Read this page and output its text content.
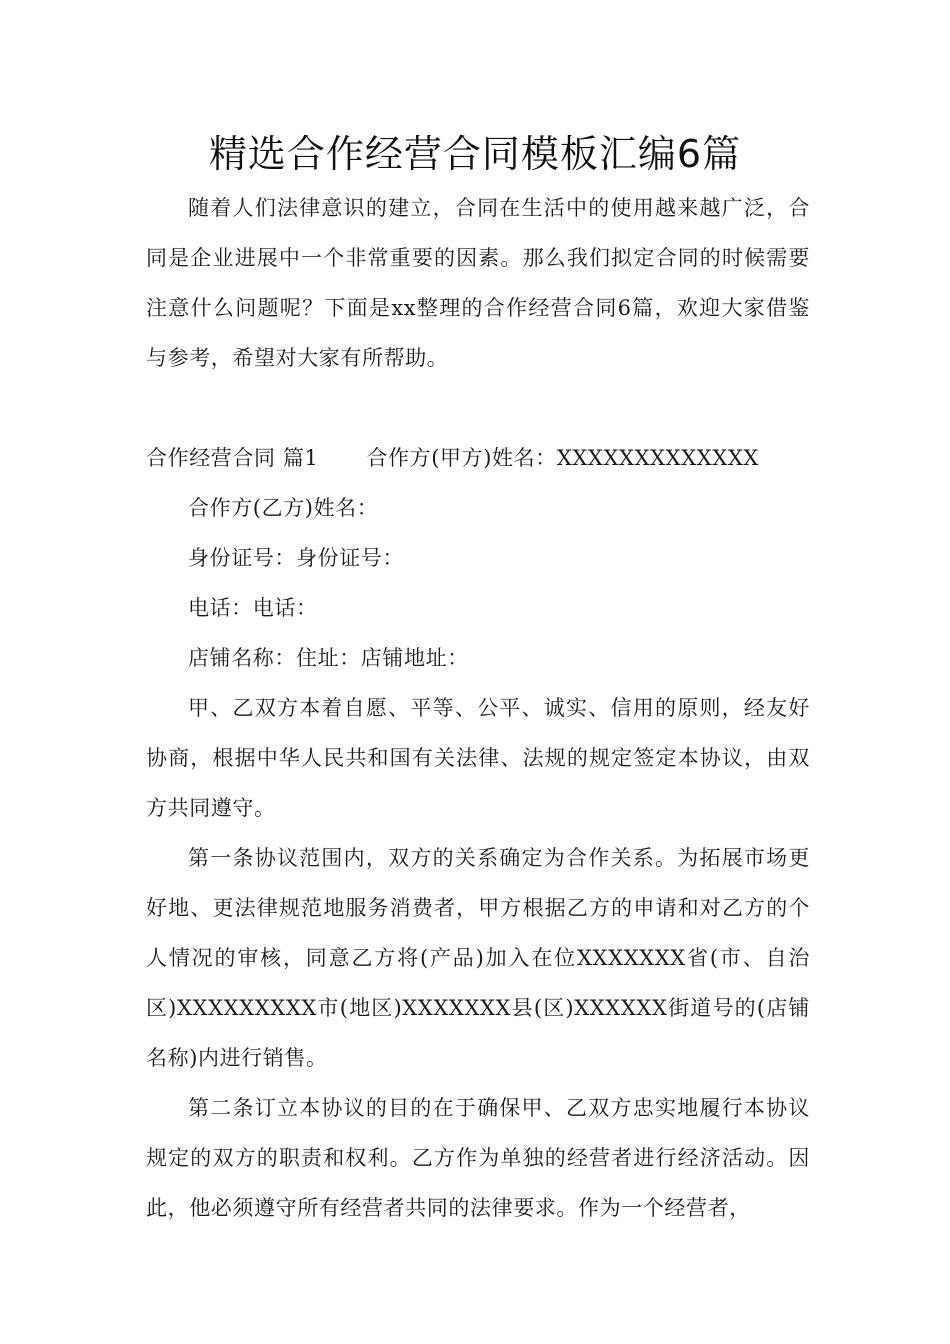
精选合作经营合同模板汇编6篇

随着人们法律意识的建立，合同在生活中的使用越来越广泛，合同是企业进展中一个非常重要的因素。那么我们拟定合同的时候需要注意什么问题呢？下面是xx整理的合作经营合同6篇，欢迎大家借鉴与参考，希望对大家有所帮助。

合作经营合同 篇1 合作方(甲方)姓名：XXXXXXXXXXXXX

合作方(乙方)姓名：

身份证号：身份证号：

电话：电话：

店铺名称：住址：店铺地址：

甲、乙双方本着自愿、平等、公平、诚实、信用的原则，经友好协商，根据中华人民共和国有关法律、法规的规定签定本协议，由双方共同遵守。

第一条协议范围内，双方的关系确定为合作关系。为拓展市场更好地、更法律规范地服务消费者，甲方根据乙方的申请和对乙方的个人情况的审核，同意乙方将(产品)加入在位XXXXXXX省(市、自治区)XXXXXXXXX市(地区)XXXXXXX县(区)XXXXXX街道号的(店铺名称)内进行销售。

第二条订立本协议的目的在于确保甲、乙双方忠实地履行本协议规定的双方的职责和权利。乙方作为单独的经营者进行经济活动。因此，他必须遵守所有经营者共同的法律要求。作为一个经营者，
